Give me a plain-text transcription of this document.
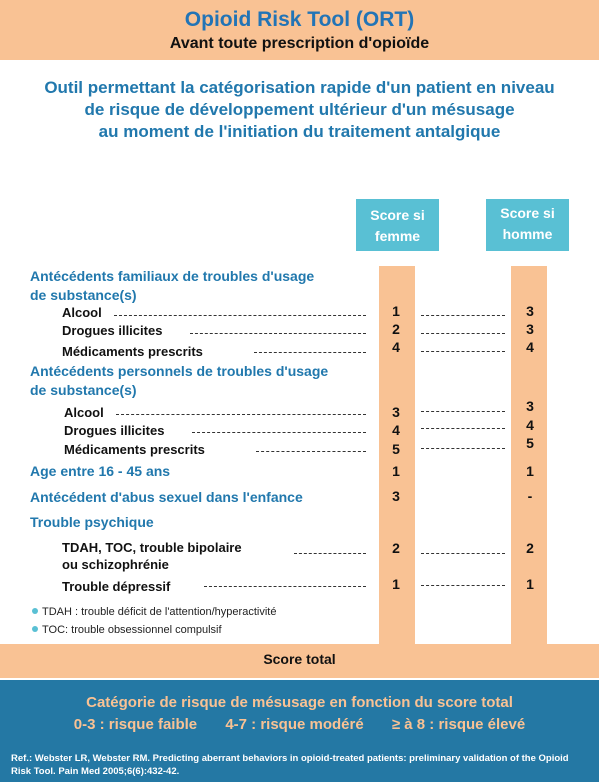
Opioid Risk Tool (ORT)
Avant toute prescription d'opioïde
Outil permettant la catégorisation rapide d'un patient en niveau
de risque de développement ultérieur d'un mésusage
au moment de l'initiation du traitement antalgique
Score si
femme
Score si
homme
Antécédents familiaux de troubles d'usage
de substance(s)
Alcool	1	3
Drogues illicites	2	3
Médicaments prescrits	4	4
Antécédents personnels de troubles d'usage
de substance(s)
Alcool	3	3
Drogues illicites	4	4
Médicaments prescrits	5	5
Age entre 16 - 45 ans	1	1
Antécédent d'abus sexuel dans l'enfance	3	-
Trouble psychique
TDAH, TOC, trouble bipolaire
ou schizophrénie
2	2
Trouble dépressif	1	1
TDAH : trouble déficit de l'attention/hyperactivité
TOC: trouble obsessionnel compulsif
Score total
Catégorie de risque de mésusage en fonction du score total
0-3 : risque faible 4-7 : risque modéré ≥ à 8 : risque élevé
Ref.: Webster LR, Webster RM. Predicting aberrant behaviors in opioid-treated patients: preliminary validation of the Opioid Risk Tool. Pain Med 2005;6(6):432-42.
